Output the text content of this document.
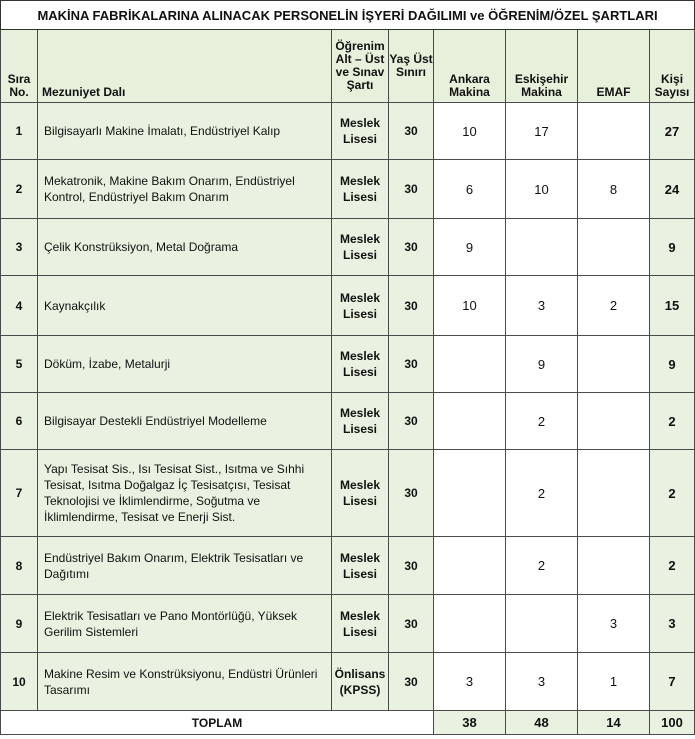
MAKİNA FABRİKALARINA ALINACAK PERSONELİN İŞYERİ DAĞILIMI ve ÖĞRENİM/ÖZEL ŞARTLARI							
Sıra No.	Mezuniyet Dalı	Öğrenim Alt – Üst ve Sınav Şartı	Yaş Üst Sınırı	Ankara Makina	Eskişehir Makina	EMAF	Kişi Sayısı
1	Bilgisayarlı Makine İmalatı, Endüstriyel Kalıp	Meslek Lisesi	30	10	17		27
2	Mekatronik, Makine Bakım Onarım, Endüstriyel Kontrol, Endüstriyel Bakım Onarım	Meslek Lisesi	30	6	10	8	24
3	Çelik Konstrüksiyon, Metal Doğrama	Meslek Lisesi	30	9			9
4	Kaynakçılık	Meslek Lisesi	30	10	3	2	15
5	Döküm, İzabe, Metalurji	Meslek Lisesi	30		9		9
6	Bilgisayar Destekli Endüstriyel Modelleme	Meslek Lisesi	30		2		2
7	Yapı Tesisat Sis., Isı Tesisat Sist., Isıtma ve Sıhhi Tesisat, Isıtma Doğalgaz İç Tesisatçısı, Tesisat Teknolojisi ve İklimlendirme, Soğutma ve İklimlendirme, Tesisat ve Enerji Sist.	Meslek Lisesi	30		2		2
8	Endüstriyel Bakım Onarım, Elektrik Tesisatları ve Dağıtımı	Meslek Lisesi	30		2		2
9	Elektrik Tesisatları ve Pano Montörlüğü, Yüksek Gerilim Sistemleri	Meslek Lisesi	30			3	3
10	Makine Resim ve Konstrüksiyonu, Endüstri Ürünleri Tasarımı	Önlisans (KPSS)	30	3	3	1	7
TOPLAM				38	48	14	100
